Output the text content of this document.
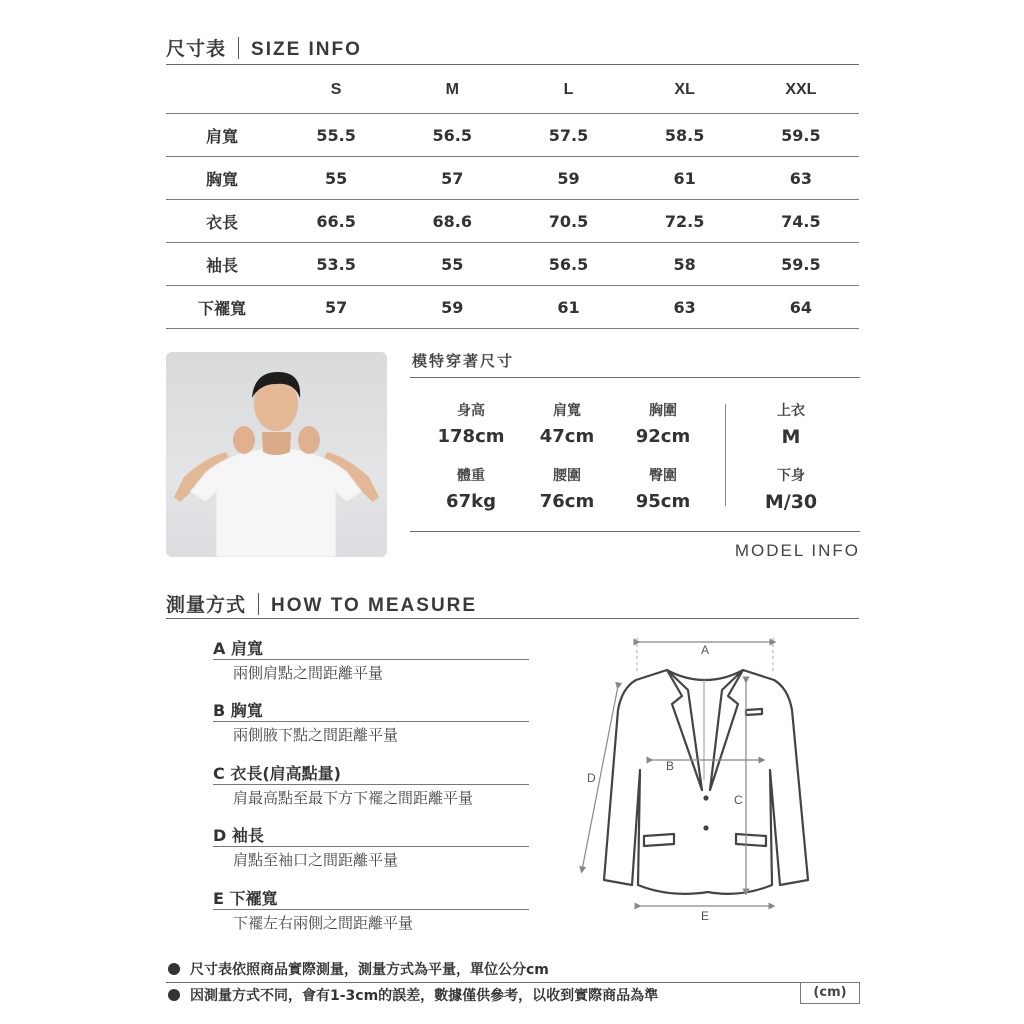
尺寸表 SIZE INFO
	S	M	L	XL	XXL
肩寬	55.5	56.5	57.5	58.5	59.5
胸寬	55	57	59	61	63
衣長	66.5	68.6	70.5	72.5	74.5
袖長	53.5	55	56.5	58	59.5
下襬寬	57	59	61	63	64
模特穿著尺寸
身高	肩寬	胸圍
178cm	47cm	92cm
體重	腰圍	臀圍
67kg	76cm	95cm
上衣
M
下身
M/30
MODEL INFO
測量方式 HOW TO MEASURE
A 肩寬
兩側肩點之間距離平量
B 胸寬
兩側腋下點之間距離平量
C 衣長(肩高點量)
肩最高點至最下方下襬之間距離平量
D 袖長
肩點至袖口之間距離平量
E 下襬寬
下襬左右兩側之間距離平量
A
B
C
D
E
尺寸表依照商品實際測量，測量方式為平量，單位公分cm
因測量方式不同，會有1-3cm的誤差，數據僅供參考，以收到實際商品為準	(cm)
